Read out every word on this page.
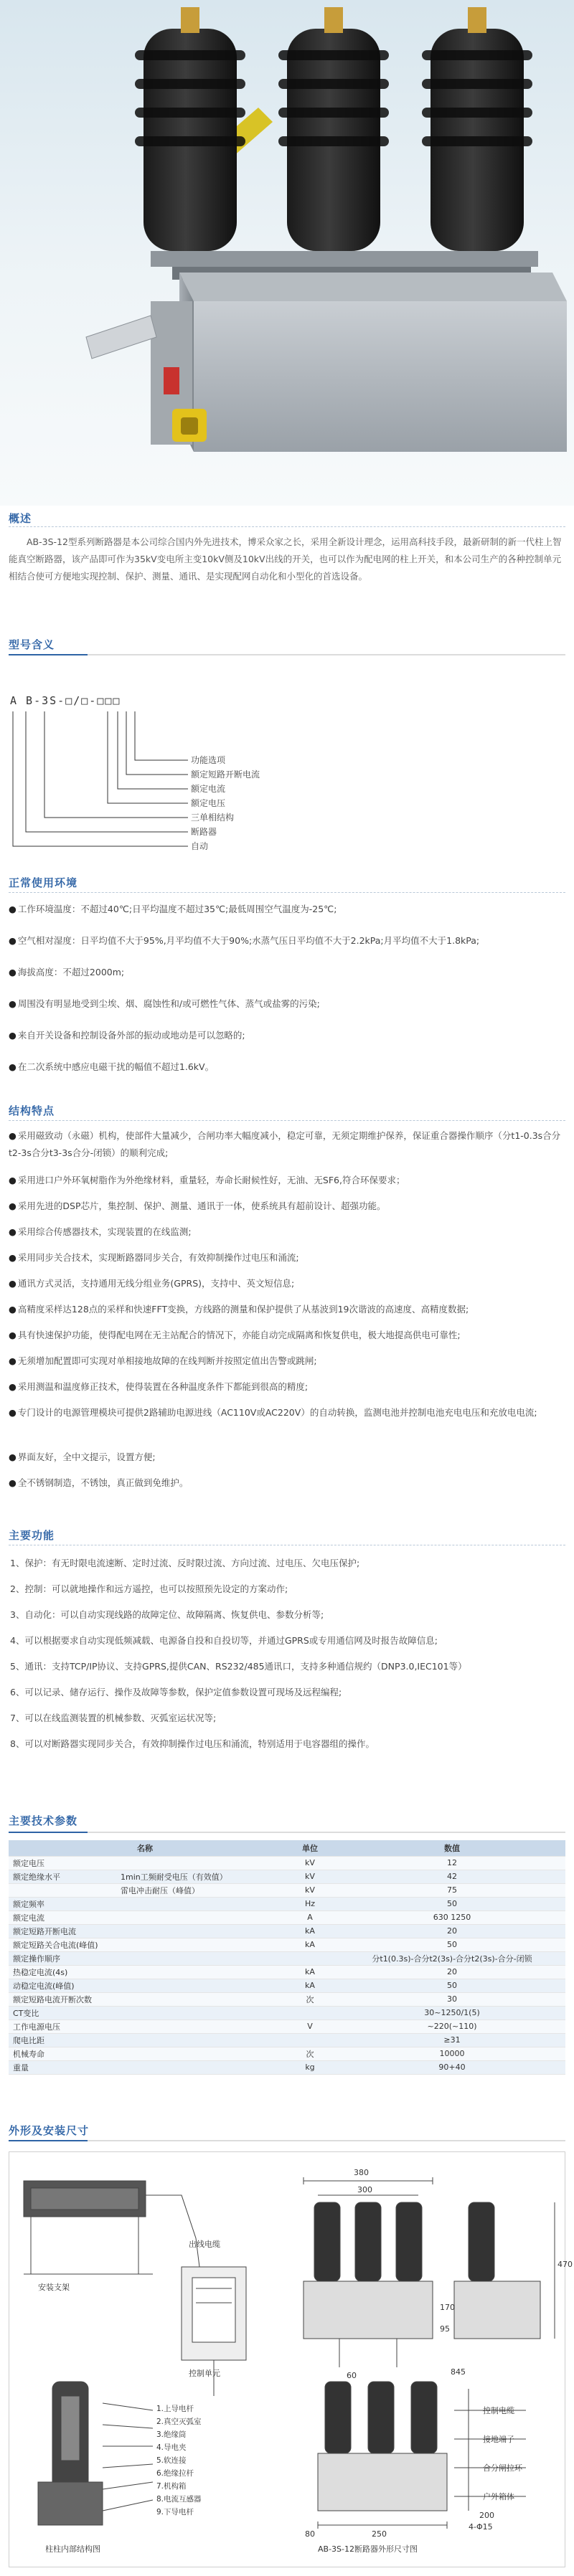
概述
AB-3S-12型系列断路器是本公司综合国内外先进技术，博采众家之长，采用全新设计理念，运用高科技手段，最新研制的新一代柱上智能真空断路器，该产品即可作为35kV变电所主变10kV侧及10kV出线的开关，也可以作为配电网的柱上开关，和本公司生产的各种控制单元相结合使可方便地实现控制、保护、测量、通讯、是实现配网自动化和小型化的首选设备。
型号含义
A B-3S-□/□-□□□
功能选项
额定短路开断电流
额定电流
额定电压
三单相结构
断路器
自动
正常使用环境
● 工作环境温度：不超过40℃;日平均温度不超过35℃;最低周围空气温度为-25℃;
● 空气相对湿度：日平均值不大于95%,月平均值不大于90%;水蒸气压日平均值不大于2.2kPa;月平均值不大于1.8kPa;
● 海拔高度：不超过2000m;
● 周围没有明显地受到尘埃、烟、腐蚀性和/或可燃性气体、蒸气或盐雾的污染;
● 来自开关设备和控制设备外部的振动或地动是可以忽略的;
● 在二次系统中感应电磁干扰的幅值不超过1.6kV。
结构特点
● 采用磁致动（永磁）机构，使部件大量减少，合闸功率大幅度减小，稳定可靠，无须定期维护保养，保证重合器操作顺序（分t1-0.3s合分t2-3s合分t3-3s合分-闭锁）的顺利完成;
● 采用进口户外环氧树脂作为外绝缘材料，重量轻，寿命长耐候性好，无油、无SF6,符合环保要求；
● 采用先进的DSP芯片，集控制、保护、测量、通讯于一体，使系统具有超前设计、超强功能。
● 采用综合传感器技术，实现装置的在线监测;
● 采用同步关合技术，实现断路器同步关合，有效抑制操作过电压和涌流;
● 通讯方式灵活，支持通用无线分组业务(GPRS)，支持中、英文短信息;
● 高精度采样达128点的采样和快速FFT变换，方线路的测量和保护提供了从基波到19次谐波的高速度、高精度数据;
● 具有快速保护功能，使得配电网在无主站配合的情况下，亦能自动完成隔离和恢复供电，极大地提高供电可靠性;
● 无须增加配置即可实现对单相接地故障的在线判断并按照定值出告警或跳闸;
● 采用测温和温度修正技术，使得装置在各种温度条件下都能到很高的精度;
● 专门设计的电源管理模块可提供2路辅助电源进线（AC110V或AC220V）的自动转换，监测电池并控制电池充电电压和充放电电流;
● 界面友好，全中文提示，设置方便;
● 全不锈钢制造，不锈蚀，真正做到免维护。
主要功能
1、保护：有无时限电流速断、定时过流、反时限过流、方向过流、过电压、欠电压保护;
2、控制：可以就地操作和远方遥控，也可以按照预先设定的方案动作;
3、自动化：可以自动实现线路的故障定位、故障隔离、恢复供电、参数分析等;
4、可以根据要求自动实现低频减载、电源备自投和自投切等，并通过GPRS或专用通信网及时报告故障信息;
5、通讯：支持TCP/IP协议、支持GPRS,提供CAN、RS232/485通讯口，支持多种通信规约（DNP3.0,IEC101等）
6、可以记录、储存运行、操作及故障等参数，保护定值参数设置可现场及远程编程;
7、可以在线监测装置的机械参数、灭弧室运状况等;
8、可以对断路器实现同步关合，有效抑制操作过电压和涌流，特别适用于电容器组的操作。
主要技术参数
名称	单位	数值
额定电压	kV	12
额定绝缘水平 1min工频耐受电压（有效值）	kV	42
雷电冲击耐压（峰值）	kV	75
额定频率	Hz	50
额定电流	A	630 1250
额定短路开断电流	kA	20
额定短路关合电流(峰值)	kA	50
额定操作顺序		分t1(0.3s)-合分t2(3s)-合分t2(3s)-合分-闭锁
热稳定电流(4s)	kA	20
动稳定电流(峰值)	kA	50
额定短路电流开断次数	次	30
CT变比		30~1250/1(5)
工作电源电压	V	~220(~110)
爬电比距		≥31
机械寿命	次	10000
重量	kg	90+40
外形及安装尺寸
出线电缆
控制单元
安装支架
1.上导电杆
2.真空灭弧室
3.绝缘筒
4.导电夹
5.软连接
6.绝缘拉杆
7.机构箱
8.电流互感器
9.下导电杆
380
300
170
95
470
845
60
250
80
200
4-Φ15
控制电缆
接地端子
合分闸拉环
户外箱体
柱柱内部结构图	AB-3S-12断路器外形尺寸图
